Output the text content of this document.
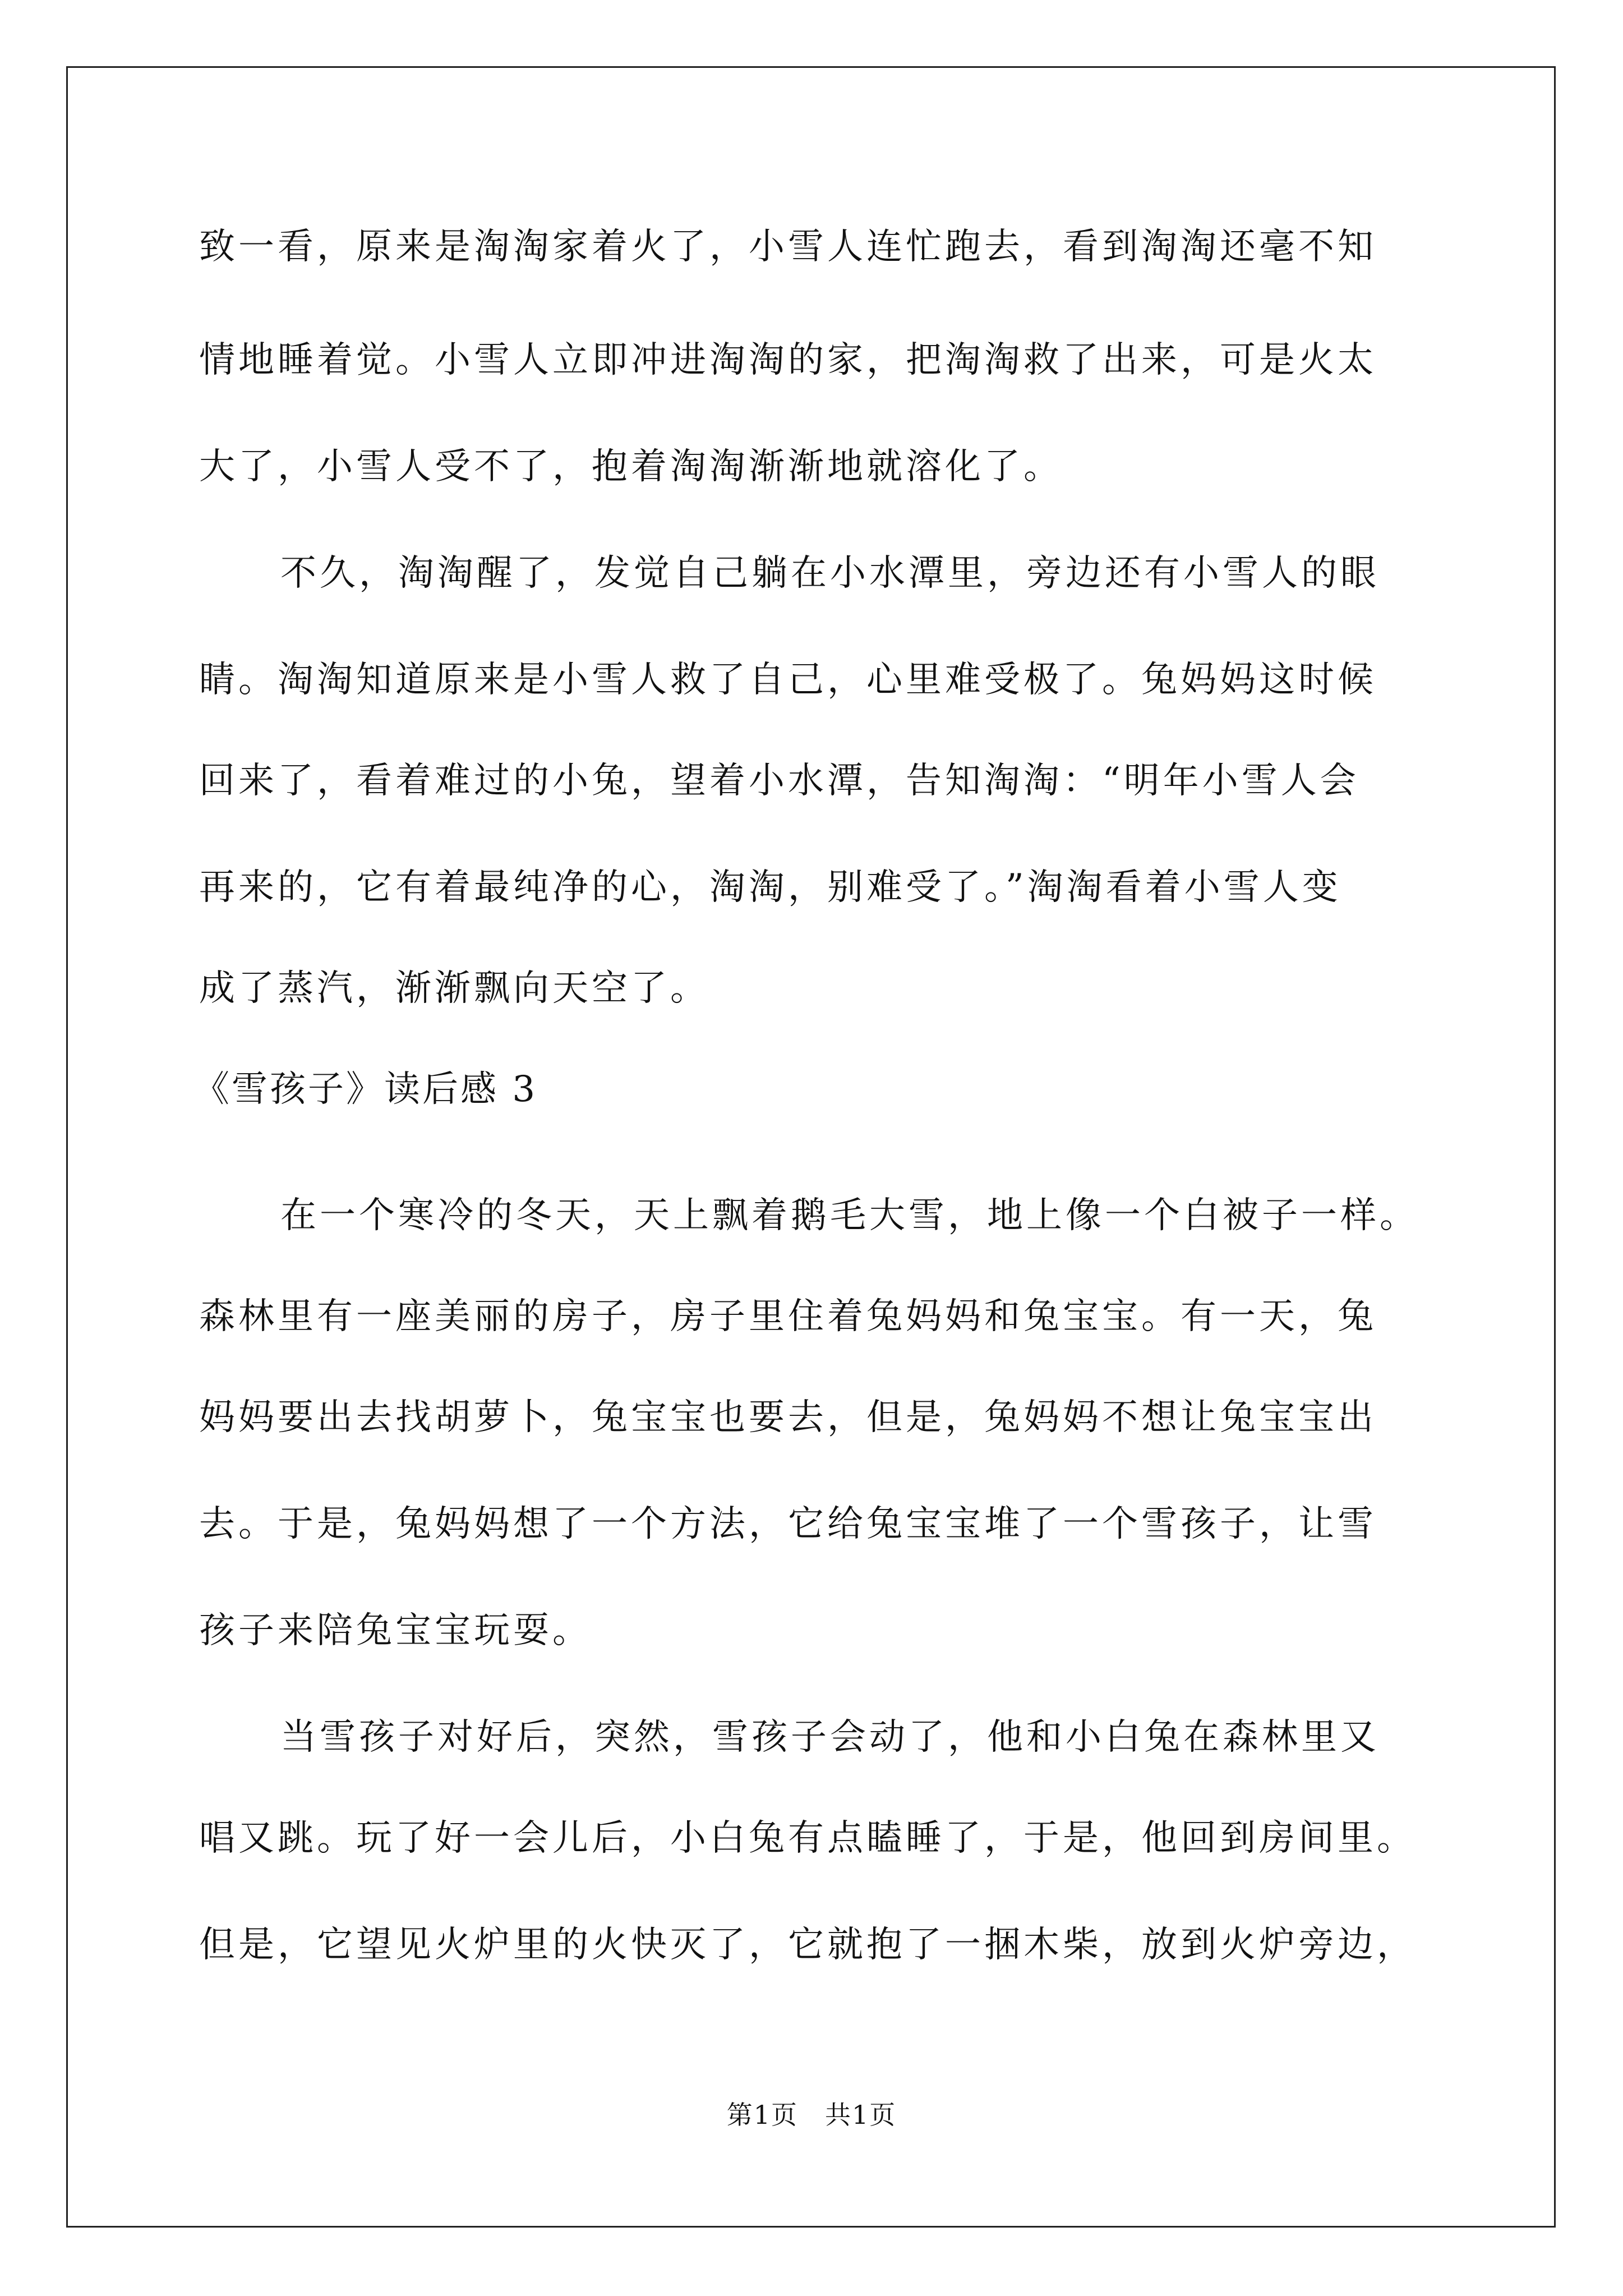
致一看，原来是淘淘家着火了，小雪人连忙跑去，看到淘淘还毫不知
情地睡着觉。小雪人立即冲进淘淘的家，把淘淘救了出来，可是火太
大了，小雪人受不了，抱着淘淘渐渐地就溶化了。
不久，淘淘醒了，发觉自己躺在小水潭里，旁边还有小雪人的眼
睛。淘淘知道原来是小雪人救了自己，心里难受极了。兔妈妈这时候
回来了，看着难过的小兔，望着小水潭，告知淘淘：“明年小雪人会
再来的，它有着最纯净的心，淘淘，别难受了。”淘淘看着小雪人变
成了蒸汽，渐渐飘向天空了。
《雪孩子》读后感 3
在一个寒冷的冬天，天上飘着鹅毛大雪，地上像一个白被子一样。
森林里有一座美丽的房子，房子里住着兔妈妈和兔宝宝。有一天，兔
妈妈要出去找胡萝卜，兔宝宝也要去，但是，兔妈妈不想让兔宝宝出
去。于是，兔妈妈想了一个方法，它给兔宝宝堆了一个雪孩子，让雪
孩子来陪兔宝宝玩耍。
当雪孩子对好后，突然，雪孩子会动了，他和小白兔在森林里又
唱又跳。玩了好一会儿后，小白兔有点瞌睡了，于是，他回到房间里。
但是，它望见火炉里的火快灭了，它就抱了一捆木柴，放到火炉旁边，
第1页　共1页
